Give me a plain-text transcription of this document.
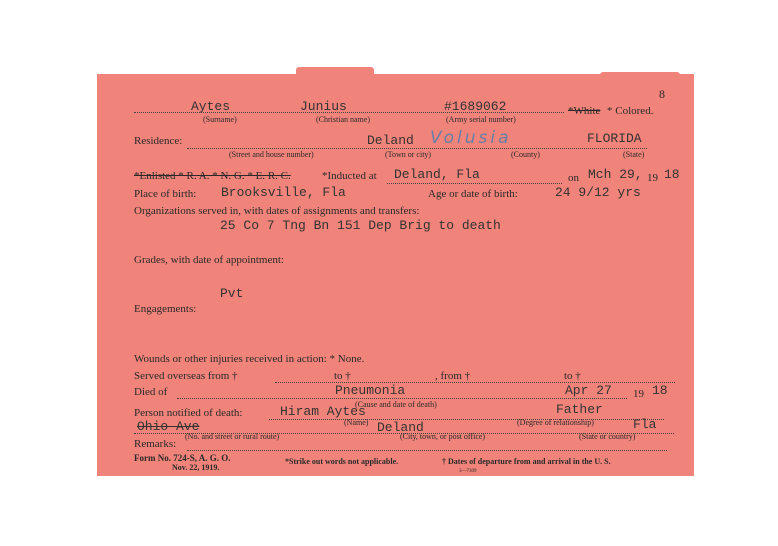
8
Aytes	Junius	#1689062
(Surname)	(Christian name)	(Army serial number)
*White * Colored.
Residence:	Deland Volusia	FLORIDA
(Street and house number)	(Town or city)	(County)	(State)
*Enlisted * R. A. * N. G. * E. R. C.	*Inducted at Deland, Fla	on Mch 29, 19 18
Place of birth: Brooksville, Fla	Age or date of birth:	24 9/12 yrs
Organizations served in, with dates of assignments and transfers:
25 Co 7 Tng Bn 151 Dep Brig to death
Grades, with date of appointment:
Pvt
Engagements:
Wounds or other injuries received in action: * None.
Served overseas from †	to †	, from †	to †
Died of	Pneumonia	Apr 27 19 18
(Cause and date of death)
Person notified of death:	Hiram Aytes	Father
(Name)	(Degree of relationship)
Ohio Ave	Deland	Fla
(No. and street or rural route)	(City, town, or post office)	(State or country)
Remarks:
Form No. 724-S, A. G. O.
Nov. 22, 1919.
*Strike out words not applicable.	† Dates of departure from and arrival in the U. S.
3—7309
